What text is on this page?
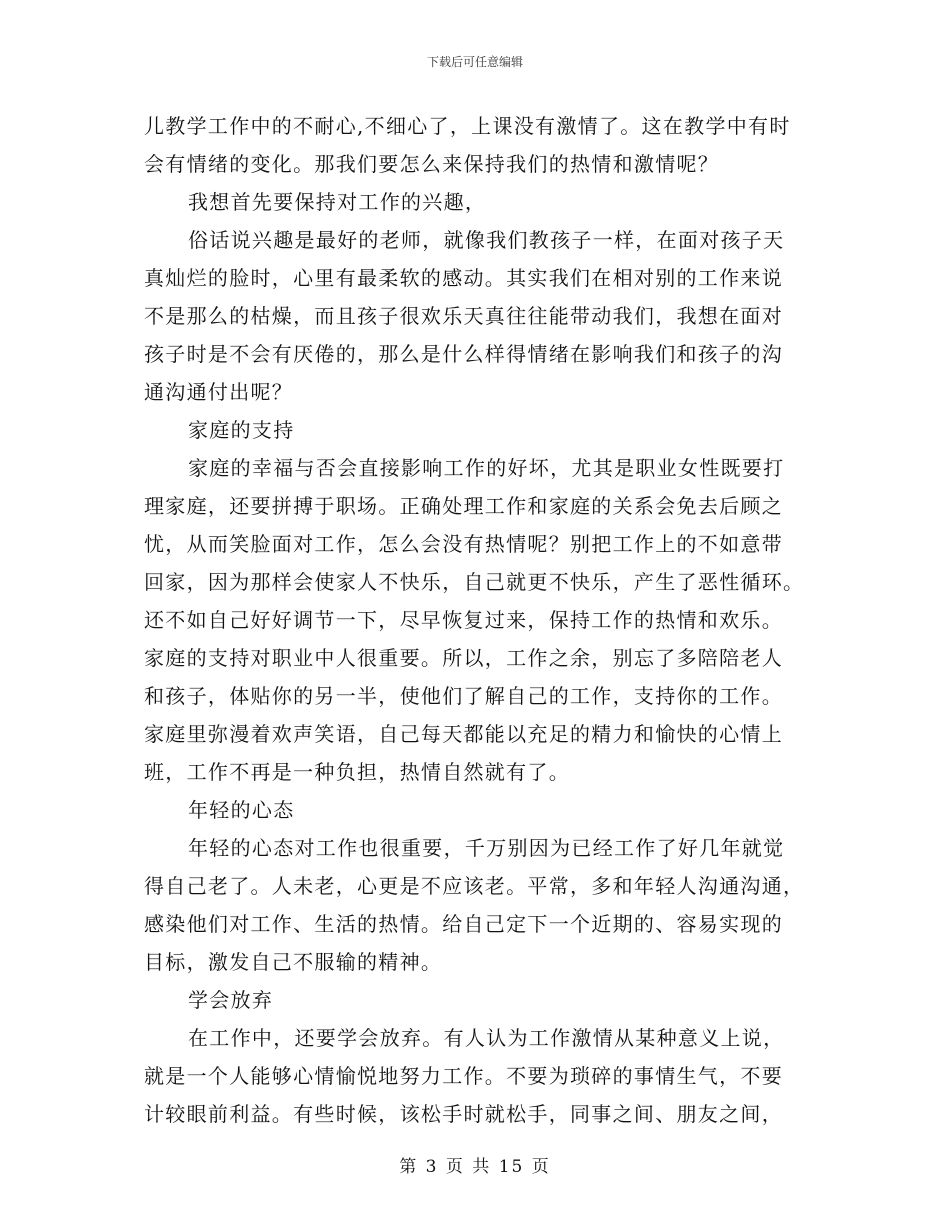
下载后可任意编辑
儿教学工作中的不耐心,不细心了，上课没有激情了。这在教学中有时
会有情绪的变化。那我们要怎么来保持我们的热情和激情呢？
我想首先要保持对工作的兴趣，
俗话说兴趣是最好的老师，就像我们教孩子一样，在面对孩子天
真灿烂的脸时，心里有最柔软的感动。其实我们在相对别的工作来说
不是那么的枯燥，而且孩子很欢乐天真往往能带动我们，我想在面对
孩子时是不会有厌倦的，那么是什么样得情绪在影响我们和孩子的沟
通沟通付出呢？
家庭的支持
家庭的幸福与否会直接影响工作的好坏，尤其是职业女性既要打
理家庭，还要拼搏于职场。正确处理工作和家庭的关系会免去后顾之
忧，从而笑脸面对工作，怎么会没有热情呢？别把工作上的不如意带
回家，因为那样会使家人不快乐，自己就更不快乐，产生了恶性循环。
还不如自己好好调节一下，尽早恢复过来，保持工作的热情和欢乐。
家庭的支持对职业中人很重要。所以，工作之余，别忘了多陪陪老人
和孩子，体贴你的另一半，使他们了解自己的工作，支持你的工作。
家庭里弥漫着欢声笑语，自己每天都能以充足的精力和愉快的心情上
班，工作不再是一种负担，热情自然就有了。
年轻的心态
年轻的心态对工作也很重要，千万别因为已经工作了好几年就觉
得自己老了。人未老，心更是不应该老。平常，多和年轻人沟通沟通，
感染他们对工作、生活的热情。给自己定下一个近期的、容易实现的
目标，激发自己不服输的精神。
学会放弃
在工作中，还要学会放弃。有人认为工作激情从某种意义上说，
就是一个人能够心情愉悦地努力工作。不要为琐碎的事情生气，不要
计较眼前利益。有些时候，该松手时就松手，同事之间、朋友之间，
第 3 页 共 15 页
